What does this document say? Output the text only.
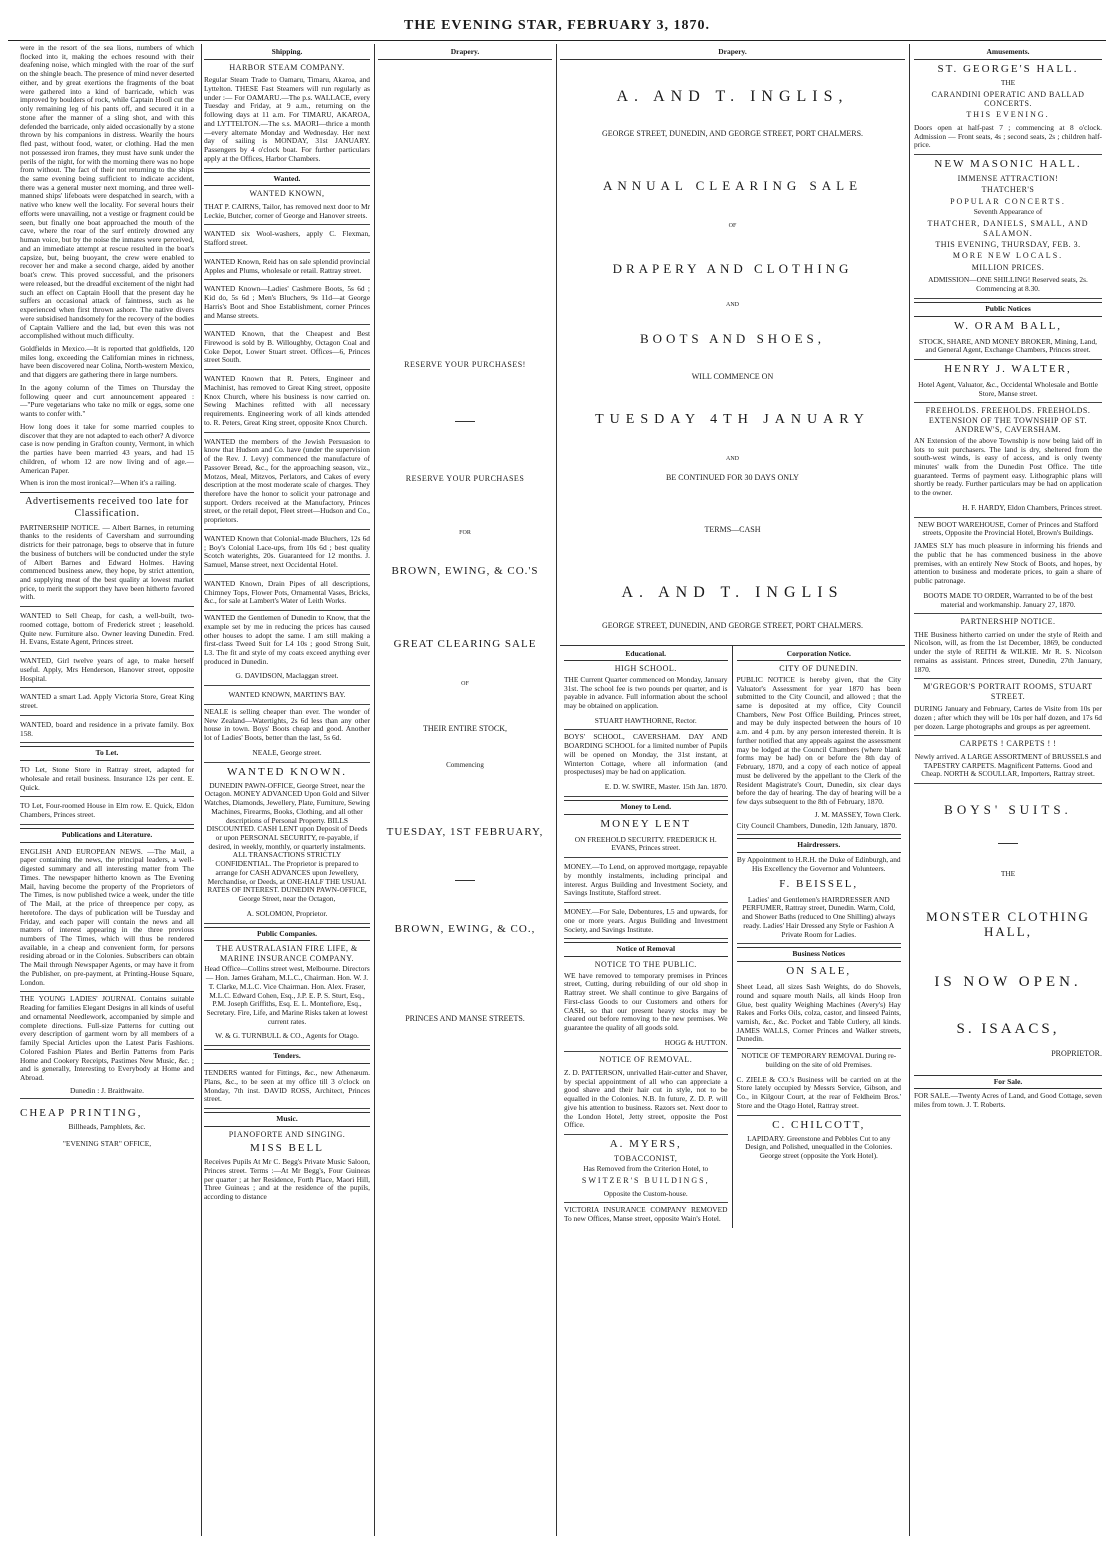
THE EVENING STAR, FEBRUARY 3, 1870.

were in the resort of the sea lions, numbers of which flocked into it, making the echoes resound with their deafening noise, which mingled with the roar of the surf on the shingle beach. The presence of mind never deserted either, and by great exertions the fragments of the boat were gathered into a kind of barricade, which was improved by boulders of rock, while Captain Hooll cut the only remaining leg of his pants off, and secured it in a stone after the manner of a sling shot, and with this defended the barricade, only aided occasionally by a stone thrown by his companions in distress. Wearily the hours fled past, without food, water, or clothing. Had the men not possessed iron frames, they must have sunk under the perils of the night, for with the morning there was no hope from without. The fact of their not returning to the ships the same evening being sufficient to indicate accident, there was a general muster next morning, and three well-manned ships' lifeboats were despatched in search, with a native who knew well the locality. For several hours their efforts were unavailing, not a vestige or fragment could be seen, but finally one boat approached the mouth of the cave, where the roar of the surf entirely drowned any human voice, but by the noise the inmates were perceived, and an immediate attempt at rescue resulted in the boat's capsize, but, being buoyant, the crew were enabled to recover her and make a second charge, aided by another boat's crew. This proved successful, and the prisoners were released, but the dreadful excitement of the night had such an effect on Captain Hooll that the present day he suffers an occasional attack of faintness, such as he experienced when first thrown ashore. The native divers were subsidised handsomely for the recovery of the bodies of Captain Valliere and the lad, but even this was not accomplished without much difficulty.

Goldfields in Mexico.—It is reported that goldfields, 120 miles long, exceeding the Californian mines in richness, have been discovered near Colina, North-western Mexico, and that diggers are gathering there in large numbers.

In the agony column of the Times on Thursday the following queer and curt announcement appeared :—"Pure vegetarians who take no milk or eggs, some one wants to confer with."

How long does it take for some married couples to discover that they are not adapted to each other? A divorce case is now pending in Grafton county, Vermont, in which the parties have been married 43 years, and had 15 children, of whom 12 are now living and of age.—American Paper.

When is iron the most ironical?—When it's a railing.

Advertisements received too late for Classification.

PARTNERSHIP NOTICE. — Albert Barnes, in returning thanks to the residents of Caversham and surrounding districts for their patronage, begs to observe that in future the business of butchers will be conducted under the style of Albert Barnes and Edward Holmes. Having commenced business anew, they hope, by strict attention, and supplying meat of the best quality at lowest market price, to merit the support they have been hitherto favored with.

WANTED to Sell Cheap, for cash, a well-built, two-roomed cottage, bottom of Frederick street ; leasehold. Quite new. Furniture also. Owner leaving Dunedin. Fred. H. Evans, Estate Agent, Princes street.

WANTED, Girl twelve years of age, to make herself useful. Apply, Mrs Henderson, Hanover street, opposite Hospital.

WANTED a smart Lad. Apply Victoria Store, Great King street.

WANTED, board and residence in a private family. Box 158.

To Let.

TO Let, Stone Store in Rattray street, adapted for wholesale and retail business. Insurance 12s per cent. E. Quick.

TO Let, Four-roomed House in Elm row. E. Quick, Eldon Chambers, Princes street.

Publications and Literature.

ENGLISH AND EUROPEAN NEWS. —The Mail, a paper containing the news, the principal leaders, a well-digested summary and all interesting matter from The Times. The newspaper hitherto known as The Evening Mail, having become the property of the Proprietors of The Times, is now published twice a week, under the title of The Mail, at the price of threepence per copy, as heretofore. The days of publication will be Tuesday and Friday, and each paper will contain the news and all matters of interest appearing in the three previous numbers of The Times, which will thus be rendered available, in a cheap and convenient form, for persons residing abroad or in the Colonies. Subscribers can obtain The Mail through Newspaper Agents, or may have it from the Publisher, on pre-payment, at Printing-House Square, London.

THE YOUNG LADIES' JOURNAL Contains suitable Reading for families Elegant Designs in all kinds of useful and ornamental Needlework, accompanied by simple and complete directions. Full-size Patterns for cutting out every description of garment worn by all members of a family Special Articles upon the Latest Paris Fashions. Colored Fashion Plates and Berlin Patterns from Paris Home and Cookery Receipts, Pastimes New Music, &c. ; and is generally, Interesting to Everybody at Home and Abroad.

Dunedin : J. Braithwaite.
CHEAP PRINTING,
Billheads, Pamphlets, &c.
"EVENING STAR" OFFICE,
Shipping.
HARBOR STEAM COMPANY.

Regular Steam Trade to Oamaru, Timaru, Akaroa, and Lyttelton. THESE Fast Steamers will run regularly as under :— For OAMARU.—The p.s. WALLACE, every Tuesday and Friday, at 9 a.m., returning on the following days at 11 a.m. For TIMARU, AKAROA, and LYTTELTON.—The s.s. MAORI—thrice a month—every alternate Monday and Wednesday. Her next day of sailing is MONDAY, 31st JANUARY. Passengers by 4 o'clock boat. For further particulars apply at the Offices, Harbor Chambers.

Wanted.
WANTED KNOWN,

THAT P. CAIRNS, Tailor, has removed next door to Mr Leckie, Butcher, corner of George and Hanover streets.

WANTED six Wool-washers, apply C. Flexman, Stafford street.

WANTED Known, Reid has on sale splendid provincial Apples and Plums, wholesale or retail. Rattray street.

WANTED Known—Ladies' Cashmere Boots, 5s 6d ; Kid do, 5s 6d ; Men's Bluchers, 9s 11d—at George Harris's Boot and Shoe Establishment, corner Princes and Manse streets.

WANTED Known, that the Cheapest and Best Firewood is sold by B. Willoughby, Octagon Coal and Coke Depot, Lower Stuart street. Offices—6, Princes street South.

WANTED Known that R. Peters, Engineer and Machinist, has removed to Great King street, opposite Knox Church, where his business is now carried on. Sewing Machines refitted with all necessary requirements. Engineering work of all kinds attended to. R. Peters, Great King street, opposite Knox Church.

WANTED the members of the Jewish Persuasion to know that Hudson and Co. have (under the supervision of the Rev. J. Levy) commenced the manufacture of Passover Bread, &c., for the approaching season, viz., Motzos, Meal, Mitzvos, Perlators, and Cakes of every description at the most moderate scale of charges. They therefore have the honor to solicit your patronage and support. Orders received at the Manufactory, Princes street, or the retail depot, Fleet street—Hudson and Co., proprietors.

WANTED Known that Colonial-made Bluchers, 12s 6d ; Boy's Colonial Lace-ups, from 10s 6d ; best quality Scotch waterights, 20s. Guaranteed for 12 months. J. Samuel, Manse street, next Occidental Hotel.

WANTED Known, Drain Pipes of all descriptions, Chimney Tops, Flower Pots, Ornamental Vases, Bricks, &c., for sale at Lambert's Water of Leith Works.

WANTED the Gentlemen of Dunedin to Know, that the example set by me in reducing the prices has caused other houses to adopt the same. I am still making a first-class Tweed Suit for L4 10s ; good Strong Suit, L3. The fit and style of my coats exceed anything ever produced in Dunedin.

G. DAVIDSON, Maclaggan street.
WANTED KNOWN, MARTIN'S BAY.

NEALE is selling cheaper than ever. The wonder of New Zealand—Watertights, 2s 6d less than any other house in town. Boys' Boots cheap and good. Another lot of Ladies' Boots, better than the last, 5s 6d.

NEALE, George street.
WANTED KNOWN.

DUNEDIN PAWN-OFFICE, George Street, near the Octagon. MONEY ADVANCED Upon Gold and Silver Watches, Diamonds, Jewellery, Plate, Furniture, Sewing Machines, Firearms, Books, Clothing, and all other descriptions of Personal Property. BILLS DISCOUNTED. CASH LENT upon Deposit of Deeds or upon PERSONAL SECURITY, re-payable, if desired, in weekly, monthly, or quarterly instalments. ALL TRANSACTIONS STRICTLY CONFIDENTIAL. The Proprietor is prepared to arrange for CASH ADVANCES upon Jewellery, Merchandise, or Deeds, at ONE-HALF THE USUAL RATES OF INTEREST. DUNEDIN PAWN-OFFICE, George Street, near the Octagon,

A. SOLOMON, Proprietor.
Public Companies.
THE AUSTRALASIAN FIRE LIFE, & MARINE INSURANCE COMPANY.

Head Office—Collins street west, Melbourne. Directors— Hon. James Graham, M.L.C., Chairman. Hon. W. J. T. Clarke, M.L.C. Vice Chairman. Hon. Alex. Fraser, M.L.C. Edward Cohen, Esq., J.P. E. P. S. Sturt, Esq., P.M. Joseph Griffiths, Esq. E. L. Montefiore, Esq., Secretary. Fire, Life, and Marine Risks taken at lowest current rates.

W. & G. TURNBULL & CO., Agents for Otago.
Tenders.

TENDERS wanted for Fittings, &c., new Athenæum. Plans, &c., to be seen at my office till 3 o'clock on Monday, 7th inst. DAVID ROSS, Architect, Princes street.

Music.
PIANOFORTE AND SINGING.
MISS BELL

Receives Pupils At Mr C. Begg's Private Music Saloon, Princes street. Terms :—At Mr Begg's, Four Guineas per quarter ; at her Residence, Forth Place, Maori Hill, Three Guineas ; and at the residence of the pupils, according to distance

Drapery.
RESERVE YOUR PURCHASES!
RESERVE YOUR PURCHASES
FOR
BROWN, EWING, & CO.'S
GREAT CLEARING SALE
OF
THEIR ENTIRE STOCK,
Commencing
TUESDAY, 1ST FEBRUARY,
BROWN, EWING, & CO.,
PRINCES AND MANSE STREETS.
Drapery.
A. AND T. INGLIS,
GEORGE STREET, DUNEDIN, AND GEORGE STREET, PORT CHALMERS.
ANNUAL CLEARING SALE
OF
DRAPERY AND CLOTHING
AND
BOOTS AND SHOES,
WILL COMMENCE ON
TUESDAY 4TH JANUARY
AND
BE CONTINUED FOR 30 DAYS ONLY
TERMS—CASH
A. AND T. INGLIS
GEORGE STREET, DUNEDIN, AND GEORGE STREET, PORT CHALMERS.
Educational.
HIGH SCHOOL.

THE Current Quarter commenced on Monday, January 31st. The school fee is two pounds per quarter, and is payable in advance. Full information about the school may be obtained on application.

STUART HAWTHORNE, Rector.

BOYS' SCHOOL, CAVERSHAM. DAY AND BOARDING SCHOOL for a limited number of Pupils will be opened on Monday, the 31st instant, at Winterton Cottage, where all information (and prospectuses) may be had on application.

E. D. W. SWIRE, Master. 15th Jan. 1870.
Money to Lend.
MONEY LENT

ON FREEHOLD SECURITY. FREDERICK H. EVANS, Princes street.

MONEY.—To Lend, on approved mortgage, repayable by monthly instalments, including principal and interest. Argus Building and Investment Society, and Savings Institute, Stafford street.

MONEY.—For Sale, Debentures, L5 and upwards, for one or more years. Argus Building and Investment Society, and Savings Institute.

Notice of Removal
NOTICE TO THE PUBLIC.

WE have removed to temporary premises in Princes street, Cutting, during rebuilding of our old shop in Rattray street. We shall continue to give Bargains of First-class Goods to our Customers and others for CASH, so that our present heavy stocks may be cleared out before removing to the new premises. We guarantee the quality of all goods sold.

HOGG & HUTTON.
NOTICE OF REMOVAL.

Z. D. PATTERSON, unrivalled Hair-cutter and Shaver, by special appointment of all who can appreciate a good shave and their hair cut in style, not to be equalled in the Colonies. N.B. In future, Z. D. P. will give his attention to business. Razors set. Next door to the London Hotel, Jetty street, opposite the Post Office.

A. MYERS,
TOBACCONIST,
Has Removed from the Criterion Hotel, to
SWITZER'S BUILDINGS,
Opposite the Custom-house.

VICTORIA INSURANCE COMPANY REMOVED To new Offices, Manse street, opposite Wain's Hotel.

Corporation Notice.
CITY OF DUNEDIN.

PUBLIC NOTICE is hereby given, that the City Valuator's Assessment for year 1870 has been submitted to the City Council, and allowed ; that the same is deposited at my office, City Council Chambers, New Post Office Building, Princes street, and may be duly inspected between the hours of 10 a.m. and 4 p.m. by any person interested therein. It is further notified that any appeals against the assessment may be lodged at the Council Chambers (where blank forms may be had) on or before the 8th day of February, 1870, and a copy of each notice of appeal must be delivered by the appellant to the Clerk of the Resident Magistrate's Court, Dunedin, six clear days before the day of hearing. The day of hearing will be a few days subsequent to the 8th of February, 1870.

J. M. MASSEY, Town Clerk.
City Council Chambers, Dunedin, 12th January, 1870.
Hairdressers.

By Appointment to H.R.H. the Duke of Edinburgh, and His Excellency the Governor and Volunteers.

F. BEISSEL,

Ladies' and Gentlemen's HAIRDRESSER AND PERFUMER, Rattray street, Dunedin. Warm, Cold, and Shower Baths (reduced to One Shilling) always ready. Ladies' Hair Dressed any Style or Fashion A Private Room for Ladies.

Business Notices
ON SALE,

Sheet Lead, all sizes Sash Weights, do do Shovels, round and square mouth Nails, all kinds Hoop Iron Glue, best quality Weighing Machines (Avery's) Hay Rakes and Forks Oils, colza, castor, and linseed Paints, varnish, &c., &c. Pocket and Table Cutlery, all kinds. JAMES WALLS, Corner Princes and Walker streets, Dunedin.

NOTICE OF TEMPORARY REMOVAL During re-building on the site of old Premises.

C. ZIELE & CO.'s Business will be carried on at the Store lately occupied by Messrs Service, Gibson, and Co., in Kilgour Court, at the rear of Feldheim Bros.' Store and the Otago Hotel, Rattray street.

C. CHILCOTT,

LAPIDARY. Greenstone and Pebbles Cut to any Design, and Polished, unequalled in the Colonies. George street (opposite the York Hotel).

Amusements.
ST. GEORGE'S HALL.
THE
CARANDINI OPERATIC AND BALLAD CONCERTS.
THIS EVENING.

Doors open at half-past 7 ; commencing at 8 o'clock. Admission — Front seats, 4s ; second seats, 2s ; children half-price.

NEW MASONIC HALL.
IMMENSE ATTRACTION!
THATCHER'S
POPULAR CONCERTS.
Seventh Appearance of
THATCHER, DANIELS, SMALL, AND SALAMON.
THIS EVENING, THURSDAY, FEB. 3.
MORE NEW LOCALS.
MILLION PRICES.

ADMISSION—ONE SHILLING! Reserved seats, 2s. Commencing at 8.30.

Public Notices
W. ORAM BALL,

STOCK, SHARE, AND MONEY BROKER, Mining, Land, and General Agent, Exchange Chambers, Princes street.

HENRY J. WALTER,

Hotel Agent, Valuator, &c., Occidental Wholesale and Bottle Store, Manse street.

FREEHOLDS. FREEHOLDS. FREEHOLDS. EXTENSION OF THE TOWNSHIP OF ST. ANDREW'S, CAVERSHAM.

AN Extension of the above Township is now being laid off in lots to suit purchasers. The land is dry, sheltered from the south-west winds, is easy of access, and is only twenty minutes' walk from the Dunedin Post Office. The title guaranteed. Terms of payment easy. Lithographic plans will shortly be ready. Further particulars may be had on application to the owner.

H. F. HARDY, Eldon Chambers, Princes street.

NEW BOOT WAREHOUSE, Corner of Princes and Stafford streets, Opposite the Provincial Hotel, Brown's Buildings.

JAMES SLY has much pleasure in informing his friends and the public that he has commenced business in the above premises, with an entirely New Stock of Boots, and hopes, by attention to business and moderate prices, to gain a share of public patronage.

BOOTS MADE TO ORDER, Warranted to be of the best material and workmanship. January 27, 1870.

PARTNERSHIP NOTICE.

THE Business hitherto carried on under the style of Reith and Nicolson, will, as from the 1st December, 1869, be conducted under the style of REITH & WILKIE. Mr R. S. Nicolson remains as assistant. Princes street, Dunedin, 27th January, 1870.

M'GREGOR'S PORTRAIT ROOMS, STUART STREET.

DURING January and February, Cartes de Visite from 10s per dozen ; after which they will be 10s per half dozen, and 17s 6d per dozen. Large photographs and groups as per agreement.

CARPETS ! CARPETS ! !

Newly arrived. A LARGE ASSORTMENT of BRUSSELS and TAPESTRY CARPETS. Magnificent Patterns. Good and Cheap. NORTH & SCOULLAR, Importers, Rattray street.

BOYS' SUITS.
THE
MONSTER CLOTHING HALL,
IS NOW OPEN.
S. ISAACS,
PROPRIETOR.
For Sale.

FOR SALE.—Twenty Acres of Land, and Good Cottage, seven miles from town. J. T. Roberts.
